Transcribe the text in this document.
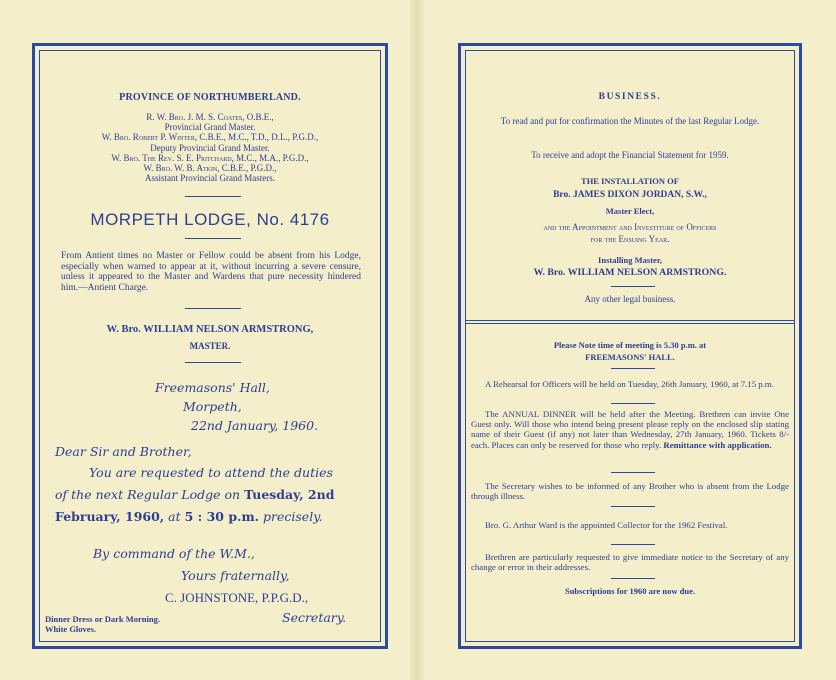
PROVINCE OF NORTHUMBERLAND.
R. W. Bro. J. M. S. Coates, O.B.E.,
Provincial Grand Master.
W. Bro. Robert P. Winter, C.B.E., M.C., T.D., D.L., P.G.D.,
Deputy Provincial Grand Master.
W. Bro. The Rev. S. E. Pritchard, M.C., M.A., P.G.D.,
W. Bro. W. B. Atkin, C.B.E., P.G.D.,
Assistant Provincial Grand Masters.
MORPETH LODGE, No. 4176
From Antient times no Master or Fellow could be absent from his Lodge, especially when warned to appear at it, without incurring a severe censure, unless it appeared to the Master and Wardens that pure necessity hindered him.—Antient Charge.
W. Bro. WILLIAM NELSON ARMSTRONG,
MASTER.
Freemasons' Hall,
Morpeth,
22nd January, 1960.
Dear Sir and Brother,
You are requested to attend the duties
of the next Regular Lodge on Tuesday, 2nd
February, 1960, at 5 : 30 p.m. precisely.
By command of the W.M.,
Yours fraternally,
C. JOHNSTONE, P.P.G.D.,
Secretary.
Dinner Dress or Dark Morning.
White Gloves.
BUSINESS.
To read and put for confirmation the Minutes of the last Regular Lodge.
To receive and adopt the Financial Statement for 1959.
THE INSTALLATION OF
Bro. JAMES DIXON JORDAN, S.W.,
Master Elect,
and the Appointment and Investiture of Officers
for the Ensuing Year.
Installing Master,
W. Bro. WILLIAM NELSON ARMSTRONG.
Any other legal business.
Please Note time of meeting is 5.30 p.m. at
FREEMASONS' HALL.
A Rehearsal for Officers will be held on Tuesday, 26th January, 1960, at 7.15 p.m.
The ANNUAL DINNER will be held after the Meeting. Brethren can invite One Guest only. Will those who intend being present please reply on the enclosed slip stating name of their Guest (if any) not later than Wednesday, 27th January, 1960. Tickets 8/- each. Places can only be reserved for those who reply. Remittance with application.
The Secretary wishes to be informed of any Brother who is absent from the Lodge through illness.
Bro. G. Arthur Ward is the appointed Collector for the 1962 Festival.
Brethren are particularly requested to give immediate notice to the Secretary of any change or error in their addresses.
Subscriptions for 1960 are now due.
